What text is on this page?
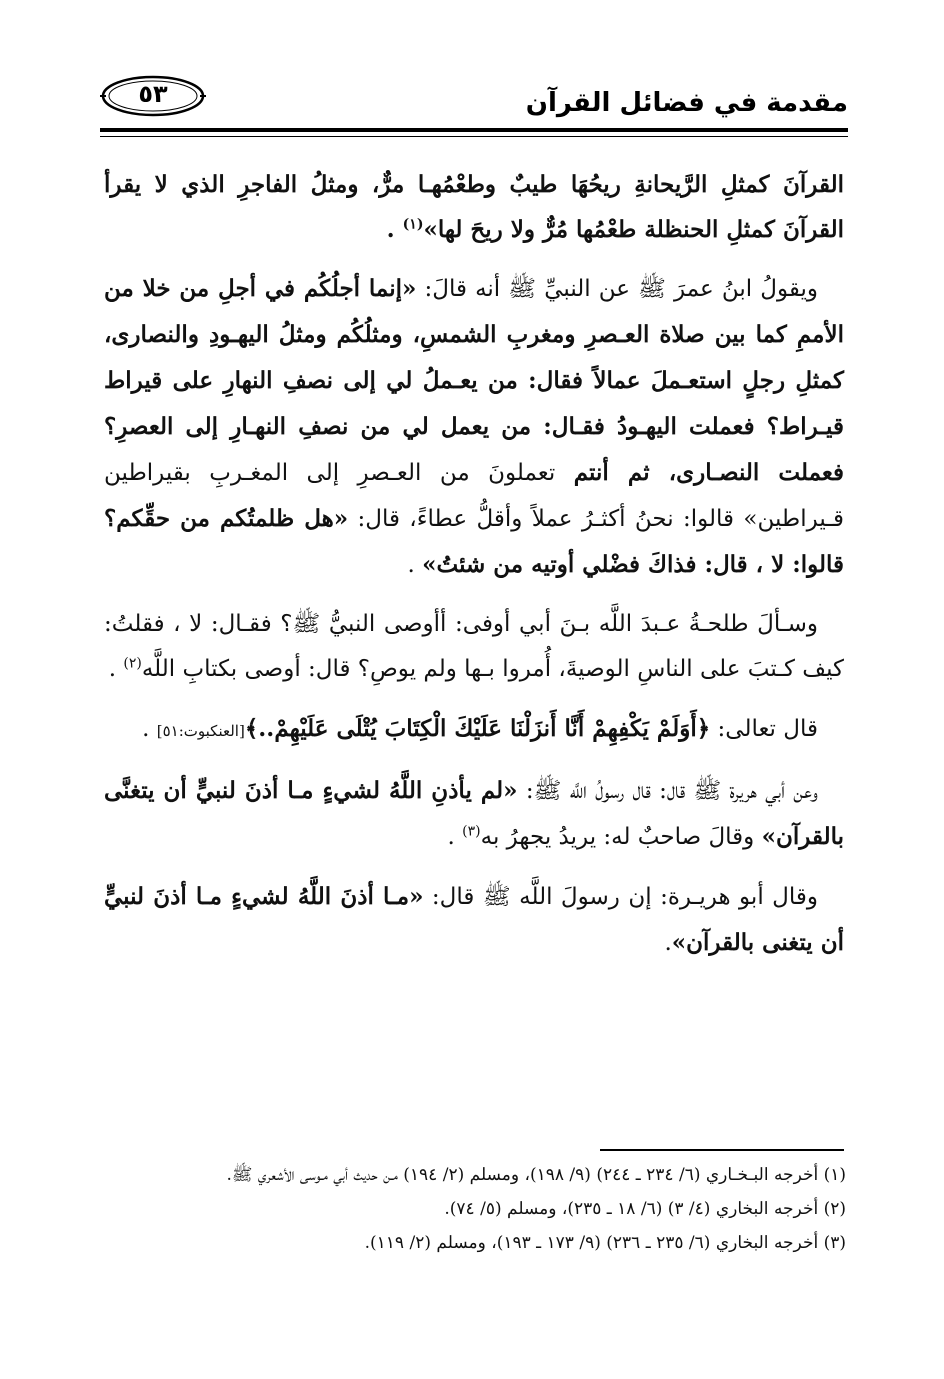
مقدمة في فضائل القرآن
٥٣

القرآنَ كمثلِ الرَّيحانةِ ريحُهَا طيبٌ وطعْمُهـا مرٌّ، ومثلُ الفاجرِ الذي لا يقرأ القرآنَ كمثلِ الحنظلة طعْمُها مُرٌّ ولا ريحَ لها»$^{(١)}$ .

ويقولُ ابنُ عمرَ ﷺ عن النبيِّ ﷺ أنه قالَ: «إنما أجلُكُم في أجلِ من خلا من الأممِ كما بين صلاة العـصرِ ومغربِ الشمسِ، ومثلُكُم ومثلُ اليهـودِ والنصارى، كمثلِ رجلٍ استعـملَ عمالاً فقال: من يعـملُ لي إلى نصفِ النهارِ على قيراط قيـراط؟ فعملت اليهـودُ فقـال: من يعمل لي من نصفِ النهـارِ إلى العصرِ؟ فعملت النصـارى، ثم أنتم تعملونَ من العـصرِ إلى المغـربِ بقيراطين قـيراطين» قالوا: نحنُ أكثـرُ عملاً وأقلُّ عطاءً، قال: «هل ظلمتُكم من حقِّكم؟ قالوا: لا ، قال: فذاكَ فضْلي أوتيه من شئتُ» .

وسـألَ طلحـةُ عـبدَ اللَّه بـنَ أبي أوفى: أأوصى النبيُّ ﷺ؟ فقـال: لا ، فقلتُ: كيف كـتبَ على الناسِ الوصيةَ، أُمروا بـها ولم يوصِ؟ قال: أوصى بكتابِ اللَّه$^{(٢)}$ .

قال تعالى: ﴿أَوَلَمْ يَكْفِهِمْ أَنَّا أَنزَلْنَا عَلَيْكَ الْكِتَابَ يُتْلَى عَلَيْهِمْ..﴾[العنكبوت:٥١] .

وعن أبي هريرة ﷺ قال: قال رسولُ اللَّه ﷺ: «لم يأذنِ اللَّهُ لشيءٍ مـا أذنَ لنبيٍّ أن يتغنَّى بالقرآن» وقالَ صاحبٌ له: يريدُ يجهرُ به$^{(٣)}$ .

وقال أبو هريـرة: إن رسولَ اللَّه ﷺ قال: «مـا أذنَ اللَّهُ لشيءٍ مـا أذنَ لنبيٍّ أن يتغنى بالقرآن».

(١) أخرجه البـخـاري (٦/ ٢٣٤ ـ ٢٤٤) (٩/ ١٩٨)، ومسلم (٢/ ١٩٤) مـن حديث أبي مـوسى الأشعري ﷺ.

(٢) أخرجه البخاري (٤/ ٣) (٦/ ١٨ ـ ٢٣٥)، ومسلم (٥/ ٧٤).

(٣) أخرجه البخاري (٦/ ٢٣٥ ـ ٢٣٦) (٩/ ١٧٣ ـ ١٩٣)، ومسلم (٢/ ١١٩).
